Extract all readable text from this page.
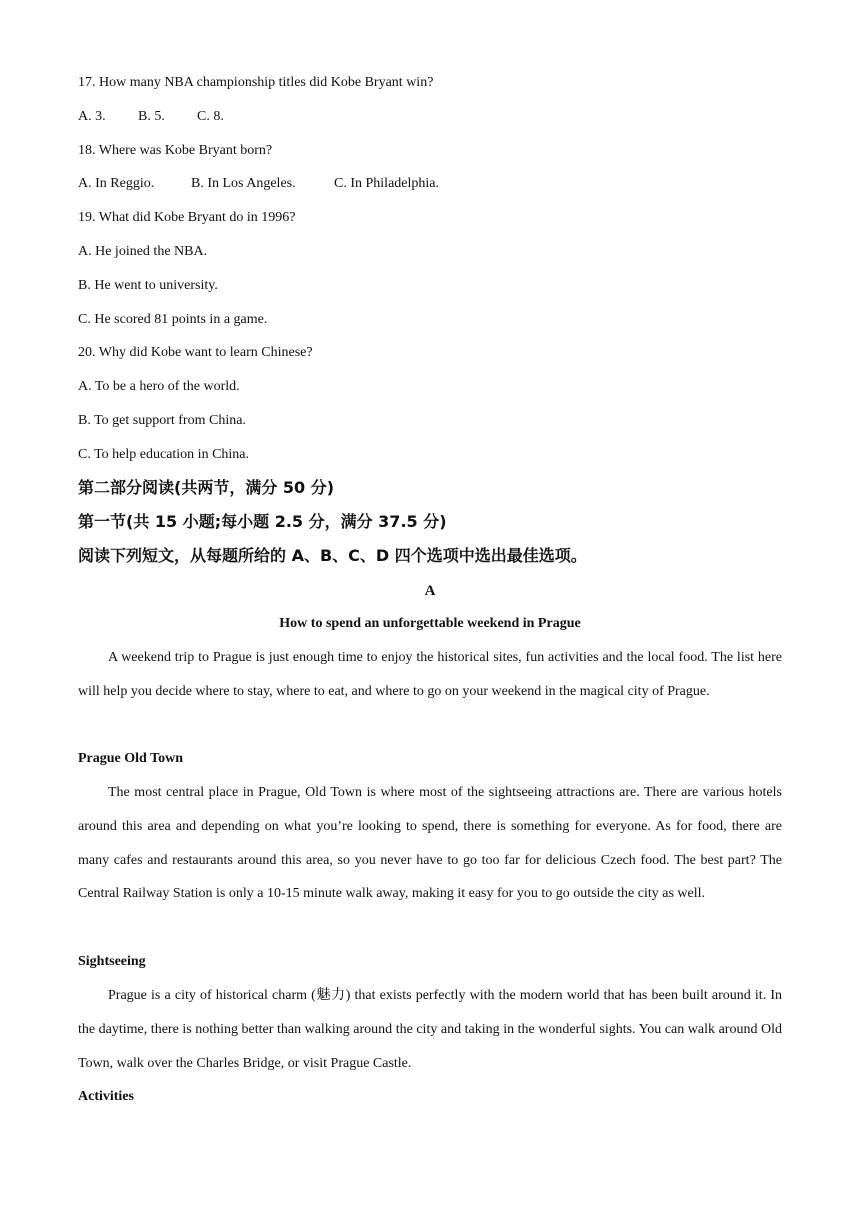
17. How many NBA championship titles did Kobe Bryant win?
A. 3. B. 5. C. 8.
18. Where was Kobe Bryant born?
A. In Reggio.	B. In Los Angeles.	C. In Philadelphia.
19. What did Kobe Bryant do in 1996?
A. He joined the NBA.
B. He went to university.
C. He scored 81 points in a game.
20. Why did Kobe want to learn Chinese?
A. To be a hero of the world.
B. To get support from China.
C. To help education in China.
第二部分阅读(共两节，满分 50 分)
第一节(共 15 小题;每小题 2.5 分，满分 37.5 分)
阅读下列短文，从每题所给的 A、B、C、D 四个选项中选出最佳选项。
A
How to spend an unforgettable weekend in Prague

A weekend trip to Prague is just enough time to enjoy the historical sites, fun activities and the local food. The list here will help you decide where to stay, where to eat, and where to go on your weekend in the magical city of Prague.

Prague Old Town

The most central place in Prague, Old Town is where most of the sightseeing attractions are. There are various hotels around this area and depending on what you’re looking to spend, there is something for everyone. As for food, there are many cafes and restaurants around this area, so you never have to go too far for delicious Czech food. The best part? The Central Railway Station is only a 10-15 minute walk away, making it easy for you to go outside the city as well.

Sightseeing

Prague is a city of historical charm (魅力) that exists perfectly with the modern world that has been built around it. In the daytime, there is nothing better than walking around the city and taking in the wonderful sights. You can walk around Old Town, walk over the Charles Bridge, or visit Prague Castle.

Activities
